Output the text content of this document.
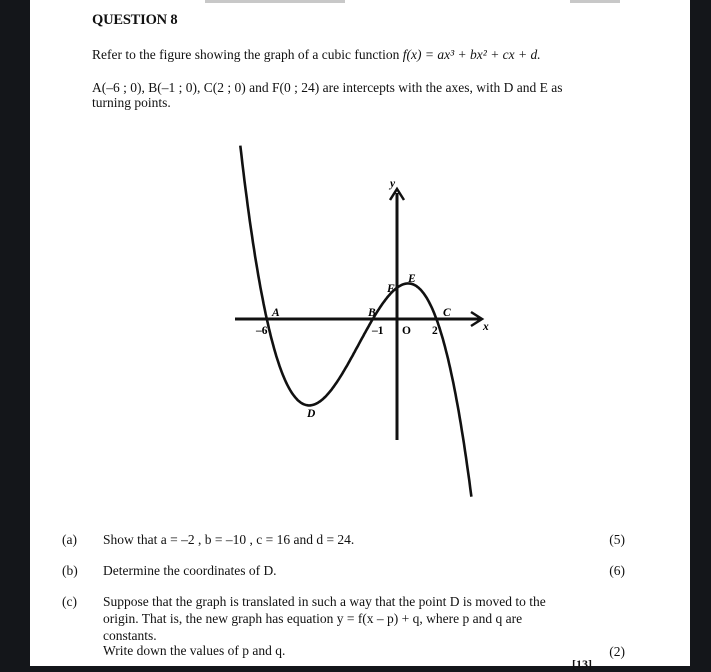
QUESTION 8
Refer to the figure showing the graph of a cubic function f(x) = ax³ + bx² + cx + d.
A(–6 ; 0), B(–1 ; 0), C(2 ; 0) and F(0 ; 24) are intercepts with the axes, with D and E as
turning points.
y
x
O
–6	–1	2
A	B	C
D
E
F
(a) Show that a = –2 , b = –10 , c = 16 and d = 24.	(5)
(b) Determine the coordinates of D.	(6)
(c) Suppose that the graph is translated in such a way that the point D is moved to the
origin. That is, the new graph has equation y = f(x – p) + q, where p and q are
constants.
Write down the values of p and q.	(2)
[13]
